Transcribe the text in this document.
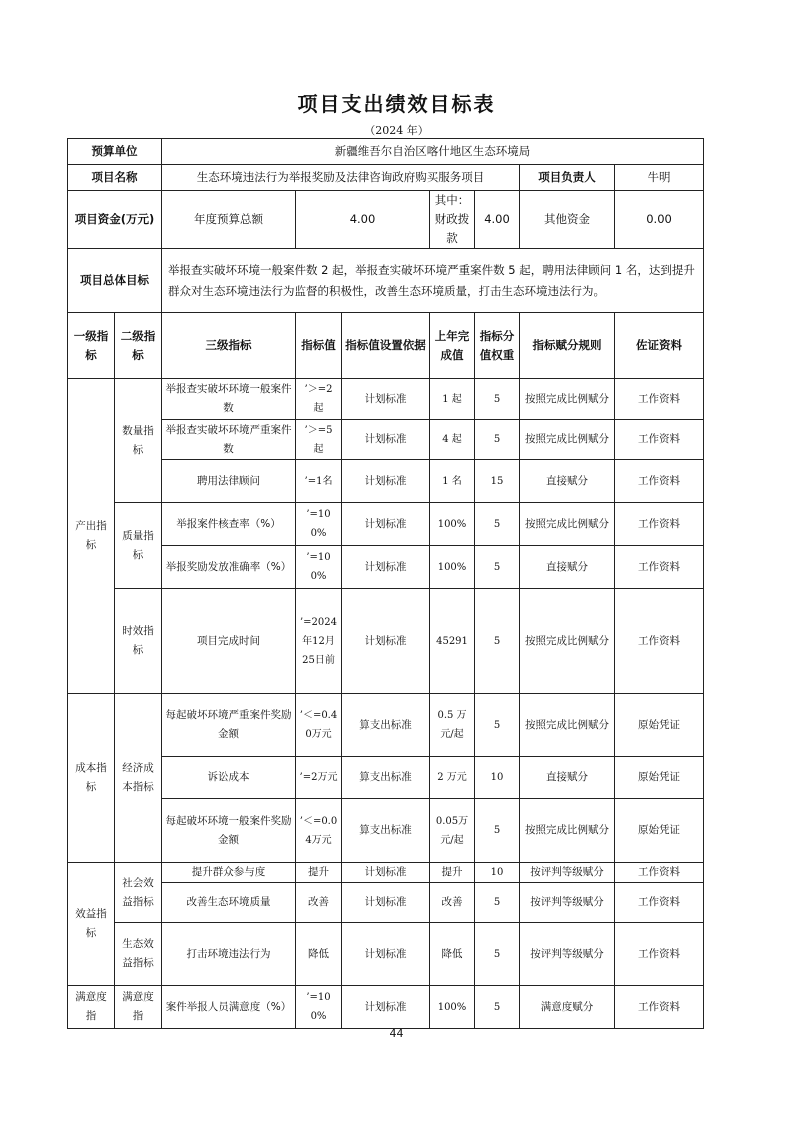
项目支出绩效目标表
（2024 年）
预算单位		新疆维吾尔自治区喀什地区生态环境局						
项目名称		生态环境违法行为举报奖励及法律咨询政府购买服务项目					项目负责人	牛明
项目资金(万元)		年度预算总额	4.00		其中：财政拨款	4.00	其他资金	0.00
项目总体目标		举报查实破坏环境一般案件数 2 起，举报查实破坏环境严重案件数 5 起，聘用法律顾问 1 名，达到提升群众对生态环境违法行为监督的积极性，改善生态环境质量，打击生态环境违法行为。						
一级指标	二级指标	三级指标	指标值	指标值设置依据	上年完成值	指标分值权重	指标赋分规则	佐证资料
产出指标	数量指标	举报查实破坏环境一般案件数	’＞=2 起	计划标准	1 起	5	按照完成比例赋分	工作资料
		举报查实破坏环境严重案件数	’＞=5 起	计划标准	4 起	5	按照完成比例赋分	工作资料
		聘用法律顾问	’=1名	计划标准	1 名	15	直接赋分	工作资料
	质量指标	举报案件核查率（%）	’=100%	计划标准	100%	5	按照完成比例赋分	工作资料
		举报奖励发放准确率（%）	’=100%	计划标准	100%	5	直接赋分	工作资料
	时效指标	项目完成时间	’=2024年12月25日前	计划标准	45291	5	按照完成比例赋分	工作资料
成本指标	经济成本指标	每起破坏环境严重案件奖励金额	’＜=0.40万元	算支出标准	0.5 万元/起	5	按照完成比例赋分	原始凭证
		诉讼成本	’=2万元	算支出标准	2 万元	10	直接赋分	原始凭证
		每起破坏环境一般案件奖励金额	’＜=0.04万元	算支出标准	0.05万元/起	5	按照完成比例赋分	原始凭证
效益指标	社会效益指标	提升群众参与度	提升	计划标准	提升	10	按评判等级赋分	工作资料
		改善生态环境质量	改善	计划标准	改善	5	按评判等级赋分	工作资料
	生态效益指标	打击环境违法行为	降低	计划标准	降低	5	按评判等级赋分	工作资料
满意度指	满意度指	案件举报人员满意度（%）	’=100%	计划标准	100%	5	满意度赋分	工作资料
44
